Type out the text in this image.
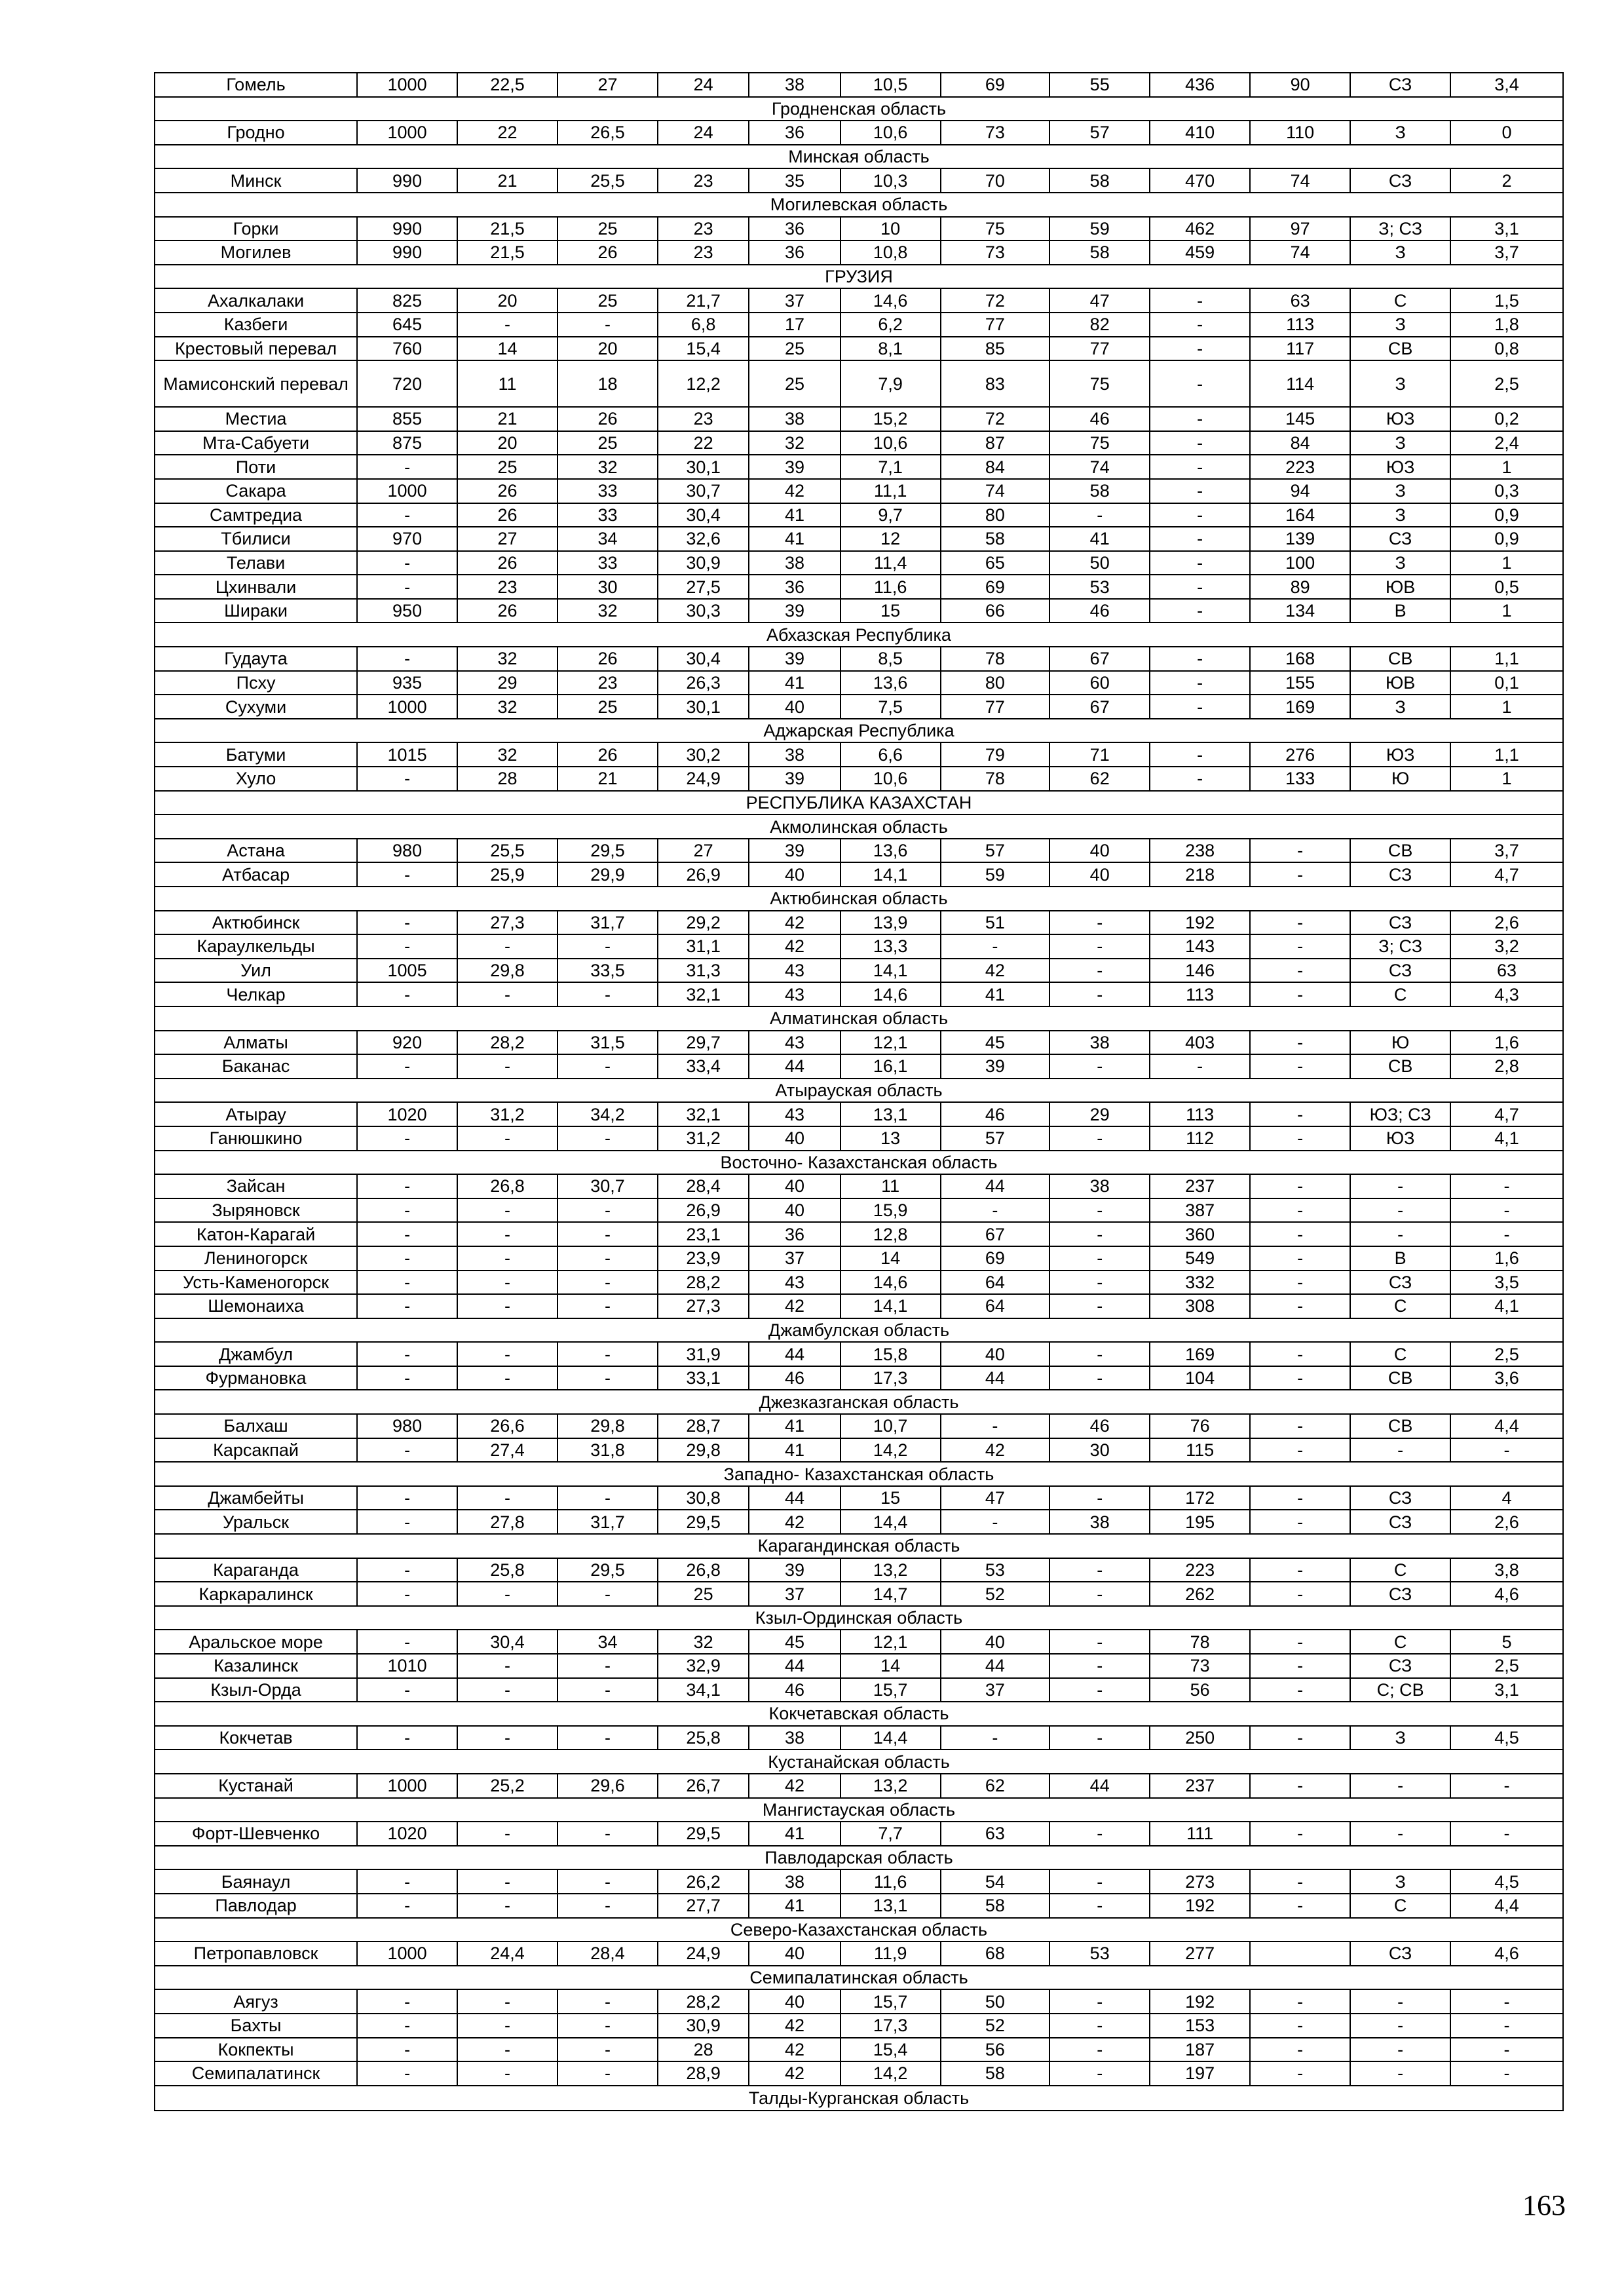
Гомель	1000	22,5	27	24	38	10,5	69	55	436	90	СЗ	3,4
Гродненская область												
Гродно	1000	22	26,5	24	36	10,6	73	57	410	110	З	0
Минская область												
Минск	990	21	25,5	23	35	10,3	70	58	470	74	СЗ	2
Могилевская область												
Горки	990	21,5	25	23	36	10	75	59	462	97	З; СЗ	3,1
Могилев	990	21,5	26	23	36	10,8	73	58	459	74	З	3,7
ГРУЗИЯ												
Ахалкалаки	825	20	25	21,7	37	14,6	72	47	-	63	С	1,5
Казбеги	645	-	-	6,8	17	6,2	77	82	-	113	З	1,8
Крестовый перевал	760	14	20	15,4	25	8,1	85	77	-	117	СВ	0,8
Мамисонский перевал	720	11	18	12,2	25	7,9	83	75	-	114	З	2,5
Местиа	855	21	26	23	38	15,2	72	46	-	145	ЮЗ	0,2
Мта-Сабуети	875	20	25	22	32	10,6	87	75	-	84	З	2,4
Поти	-	25	32	30,1	39	7,1	84	74	-	223	ЮЗ	1
Сакара	1000	26	33	30,7	42	11,1	74	58	-	94	З	0,3
Самтредиа	-	26	33	30,4	41	9,7	80	-	-	164	З	0,9
Тбилиси	970	27	34	32,6	41	12	58	41	-	139	СЗ	0,9
Телави	-	26	33	30,9	38	11,4	65	50	-	100	З	1
Цхинвали	-	23	30	27,5	36	11,6	69	53	-	89	ЮВ	0,5
Шираки	950	26	32	30,3	39	15	66	46	-	134	В	1
Абхазская Республика												
Гудаута	-	32	26	30,4	39	8,5	78	67	-	168	СВ	1,1
Псху	935	29	23	26,3	41	13,6	80	60	-	155	ЮВ	0,1
Сухуми	1000	32	25	30,1	40	7,5	77	67	-	169	З	1
Аджарская Республика												
Батуми	1015	32	26	30,2	38	6,6	79	71	-	276	ЮЗ	1,1
Хуло	-	28	21	24,9	39	10,6	78	62	-	133	Ю	1
РЕСПУБЛИКА КАЗАХСТАН												
Акмолинская область												
Астана	980	25,5	29,5	27	39	13,6	57	40	238	-	СВ	3,7
Атбасар	-	25,9	29,9	26,9	40	14,1	59	40	218	-	СЗ	4,7
Актюбинская область												
Актюбинск	-	27,3	31,7	29,2	42	13,9	51	-	192	-	СЗ	2,6
Караулкельды	-	-	-	31,1	42	13,3	-	-	143	-	З; СЗ	3,2
Уил	1005	29,8	33,5	31,3	43	14,1	42	-	146	-	СЗ	63
Челкар	-	-	-	32,1	43	14,6	41	-	113	-	С	4,3
Алматинская область												
Алматы	920	28,2	31,5	29,7	43	12,1	45	38	403	-	Ю	1,6
Баканас	-	-	-	33,4	44	16,1	39	-	-	-	СВ	2,8
Атырауская область												
Атырау	1020	31,2	34,2	32,1	43	13,1	46	29	113	-	ЮЗ; СЗ	4,7
Ганюшкино	-	-	-	31,2	40	13	57	-	112	-	ЮЗ	4,1
Восточно- Казахстанская область												
Зайсан	-	26,8	30,7	28,4	40	11	44	38	237	-	-	-
Зыряновск	-	-	-	26,9	40	15,9	-	-	387	-	-	-
Катон-Карагай	-	-	-	23,1	36	12,8	67	-	360	-	-	-
Лениногорск	-	-	-	23,9	37	14	69	-	549	-	В	1,6
Усть-Каменогорск	-	-	-	28,2	43	14,6	64	-	332	-	СЗ	3,5
Шемонаиха	-	-	-	27,3	42	14,1	64	-	308	-	С	4,1
Джамбулская область												
Джамбул	-	-	-	31,9	44	15,8	40	-	169	-	С	2,5
Фурмановка	-	-	-	33,1	46	17,3	44	-	104	-	СВ	3,6
Джезказганская область												
Балхаш	980	26,6	29,8	28,7	41	10,7	-	46	76	-	СВ	4,4
Карсакпай	-	27,4	31,8	29,8	41	14,2	42	30	115	-	-	-
Западно- Казахстанская область												
Джамбейты	-	-	-	30,8	44	15	47	-	172	-	СЗ	4
Уральск	-	27,8	31,7	29,5	42	14,4	-	38	195	-	СЗ	2,6
Карагандинская область												
Караганда	-	25,8	29,5	26,8	39	13,2	53	-	223	-	С	3,8
Каркаралинск	-	-	-	25	37	14,7	52	-	262	-	СЗ	4,6
Кзыл-Ординская область												
Аральское море	-	30,4	34	32	45	12,1	40	-	78	-	С	5
Казалинск	1010	-	-	32,9	44	14	44	-	73	-	СЗ	2,5
Кзыл-Орда	-	-	-	34,1	46	15,7	37	-	56	-	С; СВ	3,1
Кокчетавская область												
Кокчетав	-	-	-	25,8	38	14,4	-	-	250	-	З	4,5
Кустанайская область												
Кустанай	1000	25,2	29,6	26,7	42	13,2	62	44	237	-	-	-
Мангистауская область												
Форт-Шевченко	1020	-	-	29,5	41	7,7	63	-	111	-	-	-
Павлодарская область												
Баянаул	-	-	-	26,2	38	11,6	54	-	273	-	З	4,5
Павлодар	-	-	-	27,7	41	13,1	58	-	192	-	С	4,4
Северо-Казахстанская область												
Петропавловск	1000	24,4	28,4	24,9	40	11,9	68	53	277		СЗ	4,6
Семипалатинская область												
Аягуз	-	-	-	28,2	40	15,7	50	-	192	-	-	-
Бахты	-	-	-	30,9	42	17,3	52	-	153	-	-	-
Кокпекты	-	-	-	28	42	15,4	56	-	187	-	-	-
Семипалатинск	-	-	-	28,9	42	14,2	58	-	197	-	-	-
Талды-Курганская область												
163
